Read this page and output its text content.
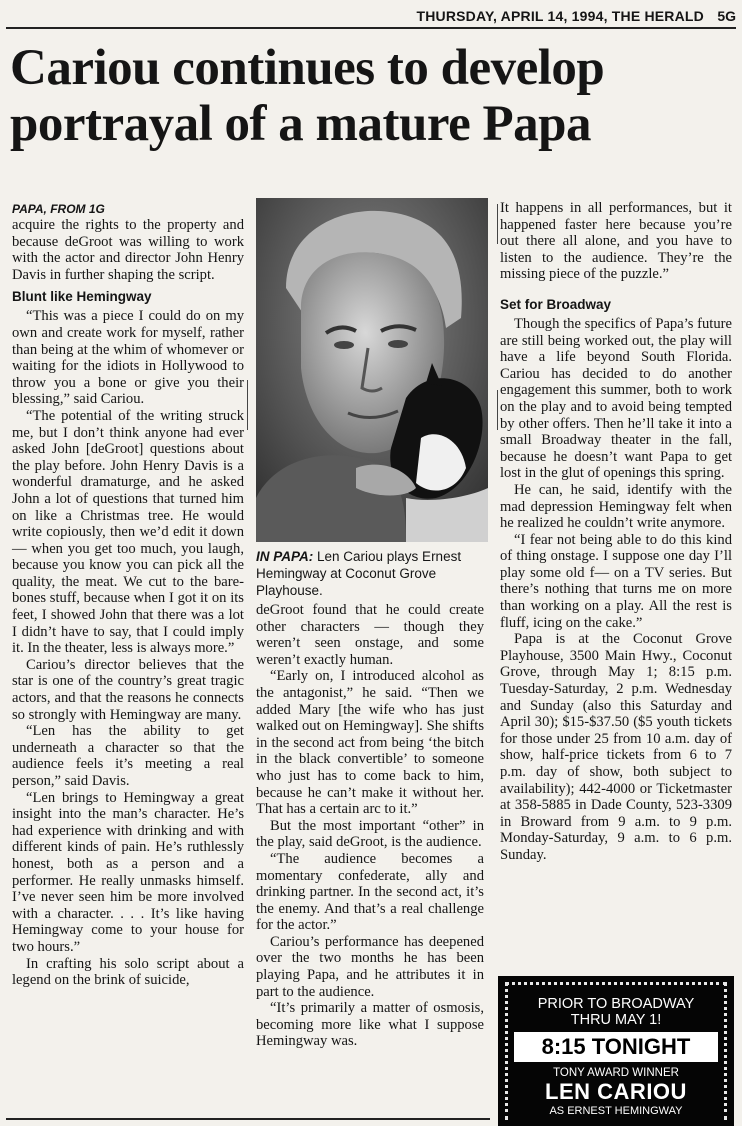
THURSDAY, APRIL 14, 1994, THE HERALD 5G
Cariou continues to develop portrayal of a mature Papa
PAPA, FROM 1G

acquire the rights to the property and because deGroot was willing to work with the actor and director John Henry Davis in further shaping the script.

Blunt like Hemingway

“This was a piece I could do on my own and create work for myself, rather than being at the whim of whomever or waiting for the idiots in Hollywood to throw you a bone or give you their blessing,” said Cariou.

“The potential of the writing struck me, but I don’t think anyone had ever asked John [deGroot] questions about the play before. John Henry Davis is a wonderful dramaturge, and he asked John a lot of questions that turned him on like a Christmas tree. He would write copiously, then we’d edit it down — when you get too much, you laugh, because you know you can pick all the quality, the meat. We cut to the bare-bones stuff, because when I got it on its feet, I showed John that there was a lot I didn’t have to say, that I could imply it. In the theater, less is always more.”

Cariou’s director believes that the star is one of the country’s great tragic actors, and that the reasons he connects so strongly with Hemingway are many.

“Len has the ability to get underneath a character so that the audience feels it’s meeting a real person,” said Davis.

“Len brings to Hemingway a great insight into the man’s character. He’s had experience with drinking and with different kinds of pain. He’s ruthlessly honest, both as a person and a performer. He really unmasks himself. I’ve never seen him be more involved with a character. . . . It’s like having Hemingway come to your house for two hours.”

In crafting his solo script about a legend on the brink of suicide,

IN PAPA: Len Cariou plays Ernest Hemingway at Coconut Grove Playhouse.

deGroot found that he could create other characters — though they weren’t seen onstage, and some weren’t exactly human.

“Early on, I introduced alcohol as the antagonist,” he said. “Then we added Mary [the wife who has just walked out on Hemingway]. She shifts in the second act from being ‘the bitch in the black convertible’ to someone who just has to come back to him, because he can’t make it without her. That has a certain arc to it.”

But the most important “other” in the play, said deGroot, is the audience.

“The audience becomes a momentary confederate, ally and drinking partner. In the second act, it’s the enemy. And that’s a real challenge for the actor.”

Cariou’s performance has deepened over the two months he has been playing Papa, and he attributes it in part to the audience.

“It’s primarily a matter of osmosis, becoming more like what I suppose Hemingway was.

It happens in all performances, but it happened faster here because you’re out there all alone, and you have to listen to the audience. They’re the missing piece of the puzzle.”

Set for Broadway

Though the specifics of Papa’s future are still being worked out, the play will have a life beyond South Florida. Cariou has decided to do another engagement this summer, both to work on the play and to avoid being tempted by other offers. Then he’ll take it into a small Broadway theater in the fall, because he doesn’t want Papa to get lost in the glut of openings this spring.

He can, he said, identify with the mad depression Hemingway felt when he realized he couldn’t write anymore.

“I fear not being able to do this kind of thing onstage. I suppose one day I’ll play some old f— on a TV series. But there’s nothing that turns me on more than working on a play. All the rest is fluff, icing on the cake.”

Papa is at the Coconut Grove Playhouse, 3500 Main Hwy., Coconut Grove, through May 1; 8:15 p.m. Tuesday-Saturday, 2 p.m. Wednesday and Sunday (also this Saturday and April 30); $15-$37.50 ($5 youth tickets for those under 25 from 10 a.m. day of show, half-price tickets from 6 to 7 p.m. day of show, both subject to availability); 442-4000 or Ticketmaster at 358-5885 in Dade County, 523-3309 in Broward from 9 a.m. to 9 p.m. Monday-Saturday, 9 a.m. to 6 p.m. Sunday.

PRIOR TO BROADWAY
THRU MAY 1!
8:15 TONIGHT
TONY AWARD WINNER
LEN CARIOU
AS ERNEST HEMINGWAY
